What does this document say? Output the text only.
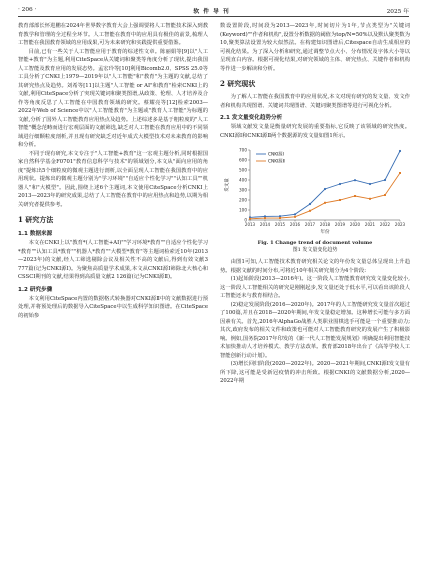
· 206 ·	软 件 导 刊	2025 年

教育部部长怀进鹏在2024年世界数字教育大会上强调要将人工智能技术深入到教育教学和管理的全过程全环节。人工智能在教育中的应用具有极佳的前景,梳理人工智能在我国教育领域的应用成果,可为未来研究和实践提供重要借鉴。

目前,已有一些关于人工智能应用于教育的综述性文章。陈丽娟等[9]以"人工智能+教育"为主题,利用CiteSpace从关键词和聚类等角度分析了现状,提出我国人工智能及教育应用的发展态势。孟宏玲等[10]利用Bicomb2.0、SPSS 25.0等工具分析了CNKI上1979—2019年以"人工智能"和"教育"为主题的文献,总结了其研究热点及趋势。刘希等[11]以主题"人工智能 or AI"和教育"检索CNKI上的文献,利用CiteSpace分析了突现关键词和聚类图谱,从政策、伦理、人才培养及合作等角度反思了人工智能在中国教育领域的研究。蔡耀亮等[12]检索2003—2022年Web of Science中以"人工智能教育"为主题或"教育人工智能"为标题的文献,分析了国外人工智能教育应用热点及趋势。上述综述多是基于粗粒度的"人工智能"概念范畴而进行宏观层面的文献筛选,缺乏对人工智能在教育应用中的不同领域进行细颗粒度剖析,并且现有研究缺乏对近年成式大模型技术对未来教育的影响和分析。

不同于现有研究,本文专注于"人工智能+教育"这一宏观主题分析,同时根据国家自然科学基金F0701"教育信息科学与技术"的领域划分,本文从"面向应用的角度"提炼出5个细粒度的微观主题进行剖析,以全面呈现人工智能在我国教育中的应用现状。提炼出的微观主题分别为"学习环境""自适应个性化学习""认知工具""机器人"和"大模型"。因此,围绕上述6个主题词,本文使用CiteSpace分析CNKI上2013—2023年的研究成果,总结了人工智能在教育中的应用热点和趋势,以期为相关研究者提供参考。

1 研究方法
1.1 数据来源

本文在CNKI上以"教育*(人工智能+AI)""学习环境*教育""自适应个性化学习*教育""认知工具*教育""机器人*教育""大模型*教育"等主题词检索近10年(2013—2023年)的文献,经人工筛选剔除会议及相关性不高的文献后,得到有效文献3 777篇(记为CNKI源Ⅰ)。为聚焦高质量学术成果,本文从CNKI源Ⅰ筛除北大核心和CSSCI期刊的文献,结果得到高质量文献2 126篇(记为CNKI源Ⅱ)。

1.2 研究步骤

本文利用CiteSpace内置的数据格式转换器对CNKI源Ⅱ中的文献数据进行预处理,并将预处理后的数据导入CiteSpace中以生成科学知识图谱。在CiteSpace的初始参

数设置阶段,时间段为2013—2023年,时间切片为1年,节点类型为"关键词(Keyword)""作者和机构",设置分析数据的阈值为top/N=50%以及默认聚类数为10,聚类算法设置为较大似然法。在构建知识图谱后,Citespace自动生成相应的可视化结果。为了深入分析和研究,通过调整节点大小、分布情况及字体大小等以呈现直白内容。根据可视化结果,对研究领域的主体、研究热点、关键作者和机构等作进一步解读和分析。

2 研究现状

为了解人工智能在我国教育中的应用状况,本文对现有研究的发文量、发文作者和机构共现图谱、关键词共现图谱、关键词聚类图谱等进行可视化分析。

2.1 发文量变化趋势分析

领域文献发文量是衡量研究发展的重要指标,它反映了该领域的研究热度。CNKI源Ⅰ和CNKI源Ⅱ两个数据源的发文量如图1所示。

0
100
200
300
400
500
600
700
2013 2014 2015 2016 2017 2018 2019 2020 2021 2022 2023
年份
发文量
CNKI源Ⅰ
CNKI源Ⅱ
Fig. 1 Change trend of document volume
图1 发文量变化趋势

由图1可知,人工智能技术教育研究相关论文的年份发文量总体呈现出上升趋势。根据文献的时间分布,可将近10年相关研究划分为4个阶段:

(1)起始阶段(2013—2016年)。这一阶段人工智能教育研究发文量变化较小,这一阶段人工智能相关的研究是刚刚起步,发文量还处于低水平,可以看出该阶段人工智能还未与教育相结合。

(2)稳定发展阶段(2016—2020年)。2017年的人工智能研究发文量首次超过了100篇,并且在2018—2020年期间,年发文量稳定增加。这种增长可能与多方面因素有关。首先,2016年AlphaGo战胜人类职业围棋选手可能是一个重要推动力;其次,政府发布的相关文件和政策也可能对人工智能教育研究的发展产生了积极影响。例如,国务院2017年印发的《新一代人工智能发展规划》明确提出利用智能技术加快推动人才培养模式、教学方法改革。教育部2018年出台了《高等学校人工智能创新行动计划》。

(3)增长回归阶段(2020—2022年)。2020—2021年期间,CNKI源Ⅰ发文量有所下降,这可能是受新冠疫情的冲击所致。根据CNKI的文献数据分析,2020—2022年期
